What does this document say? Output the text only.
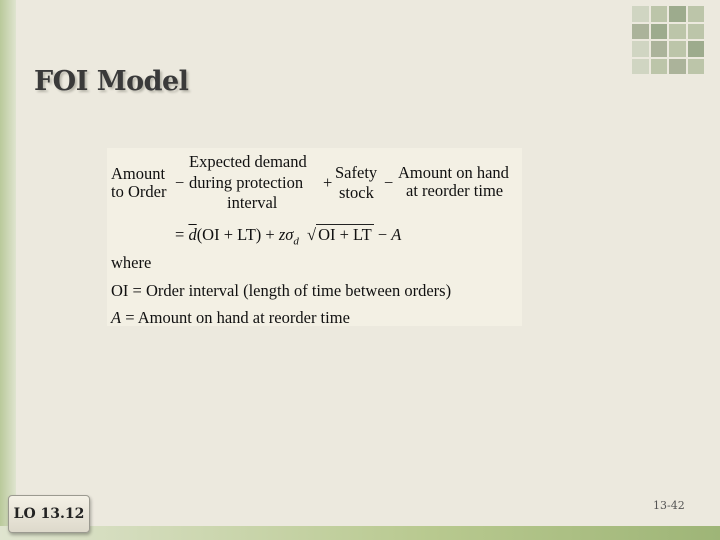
FOI Model
Amount
to Order −
Expected demand
during protection
interval
+
Safety
stock
−
Amount on hand
at reorder time
= $\overline{d}(OI + LT) + z\sigma_d$ √ OI + LT − A
where
OI = Order interval (length of time between orders)
A = Amount on hand at reorder time
LO 13.12
13-42
